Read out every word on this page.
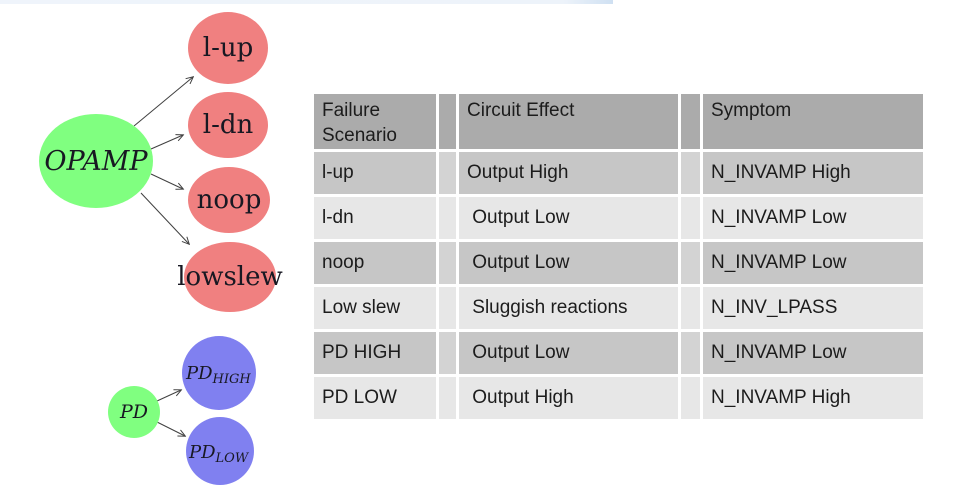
OPAMP
l-up
l-dn
noop
lowslew
PD
$PD_{HIGH}$
$PD_{LOW}$
Failure Scenario		Circuit Effect		Symptom
l-up		Output High		N_INVAMP High
l-dn		Output Low		N_INVAMP Low
noop		Output Low		N_INVAMP Low
Low slew		Sluggish reactions		N_INV_LPASS
PD HIGH		Output Low		N_INVAMP Low
PD LOW		Output High		N_INVAMP High
